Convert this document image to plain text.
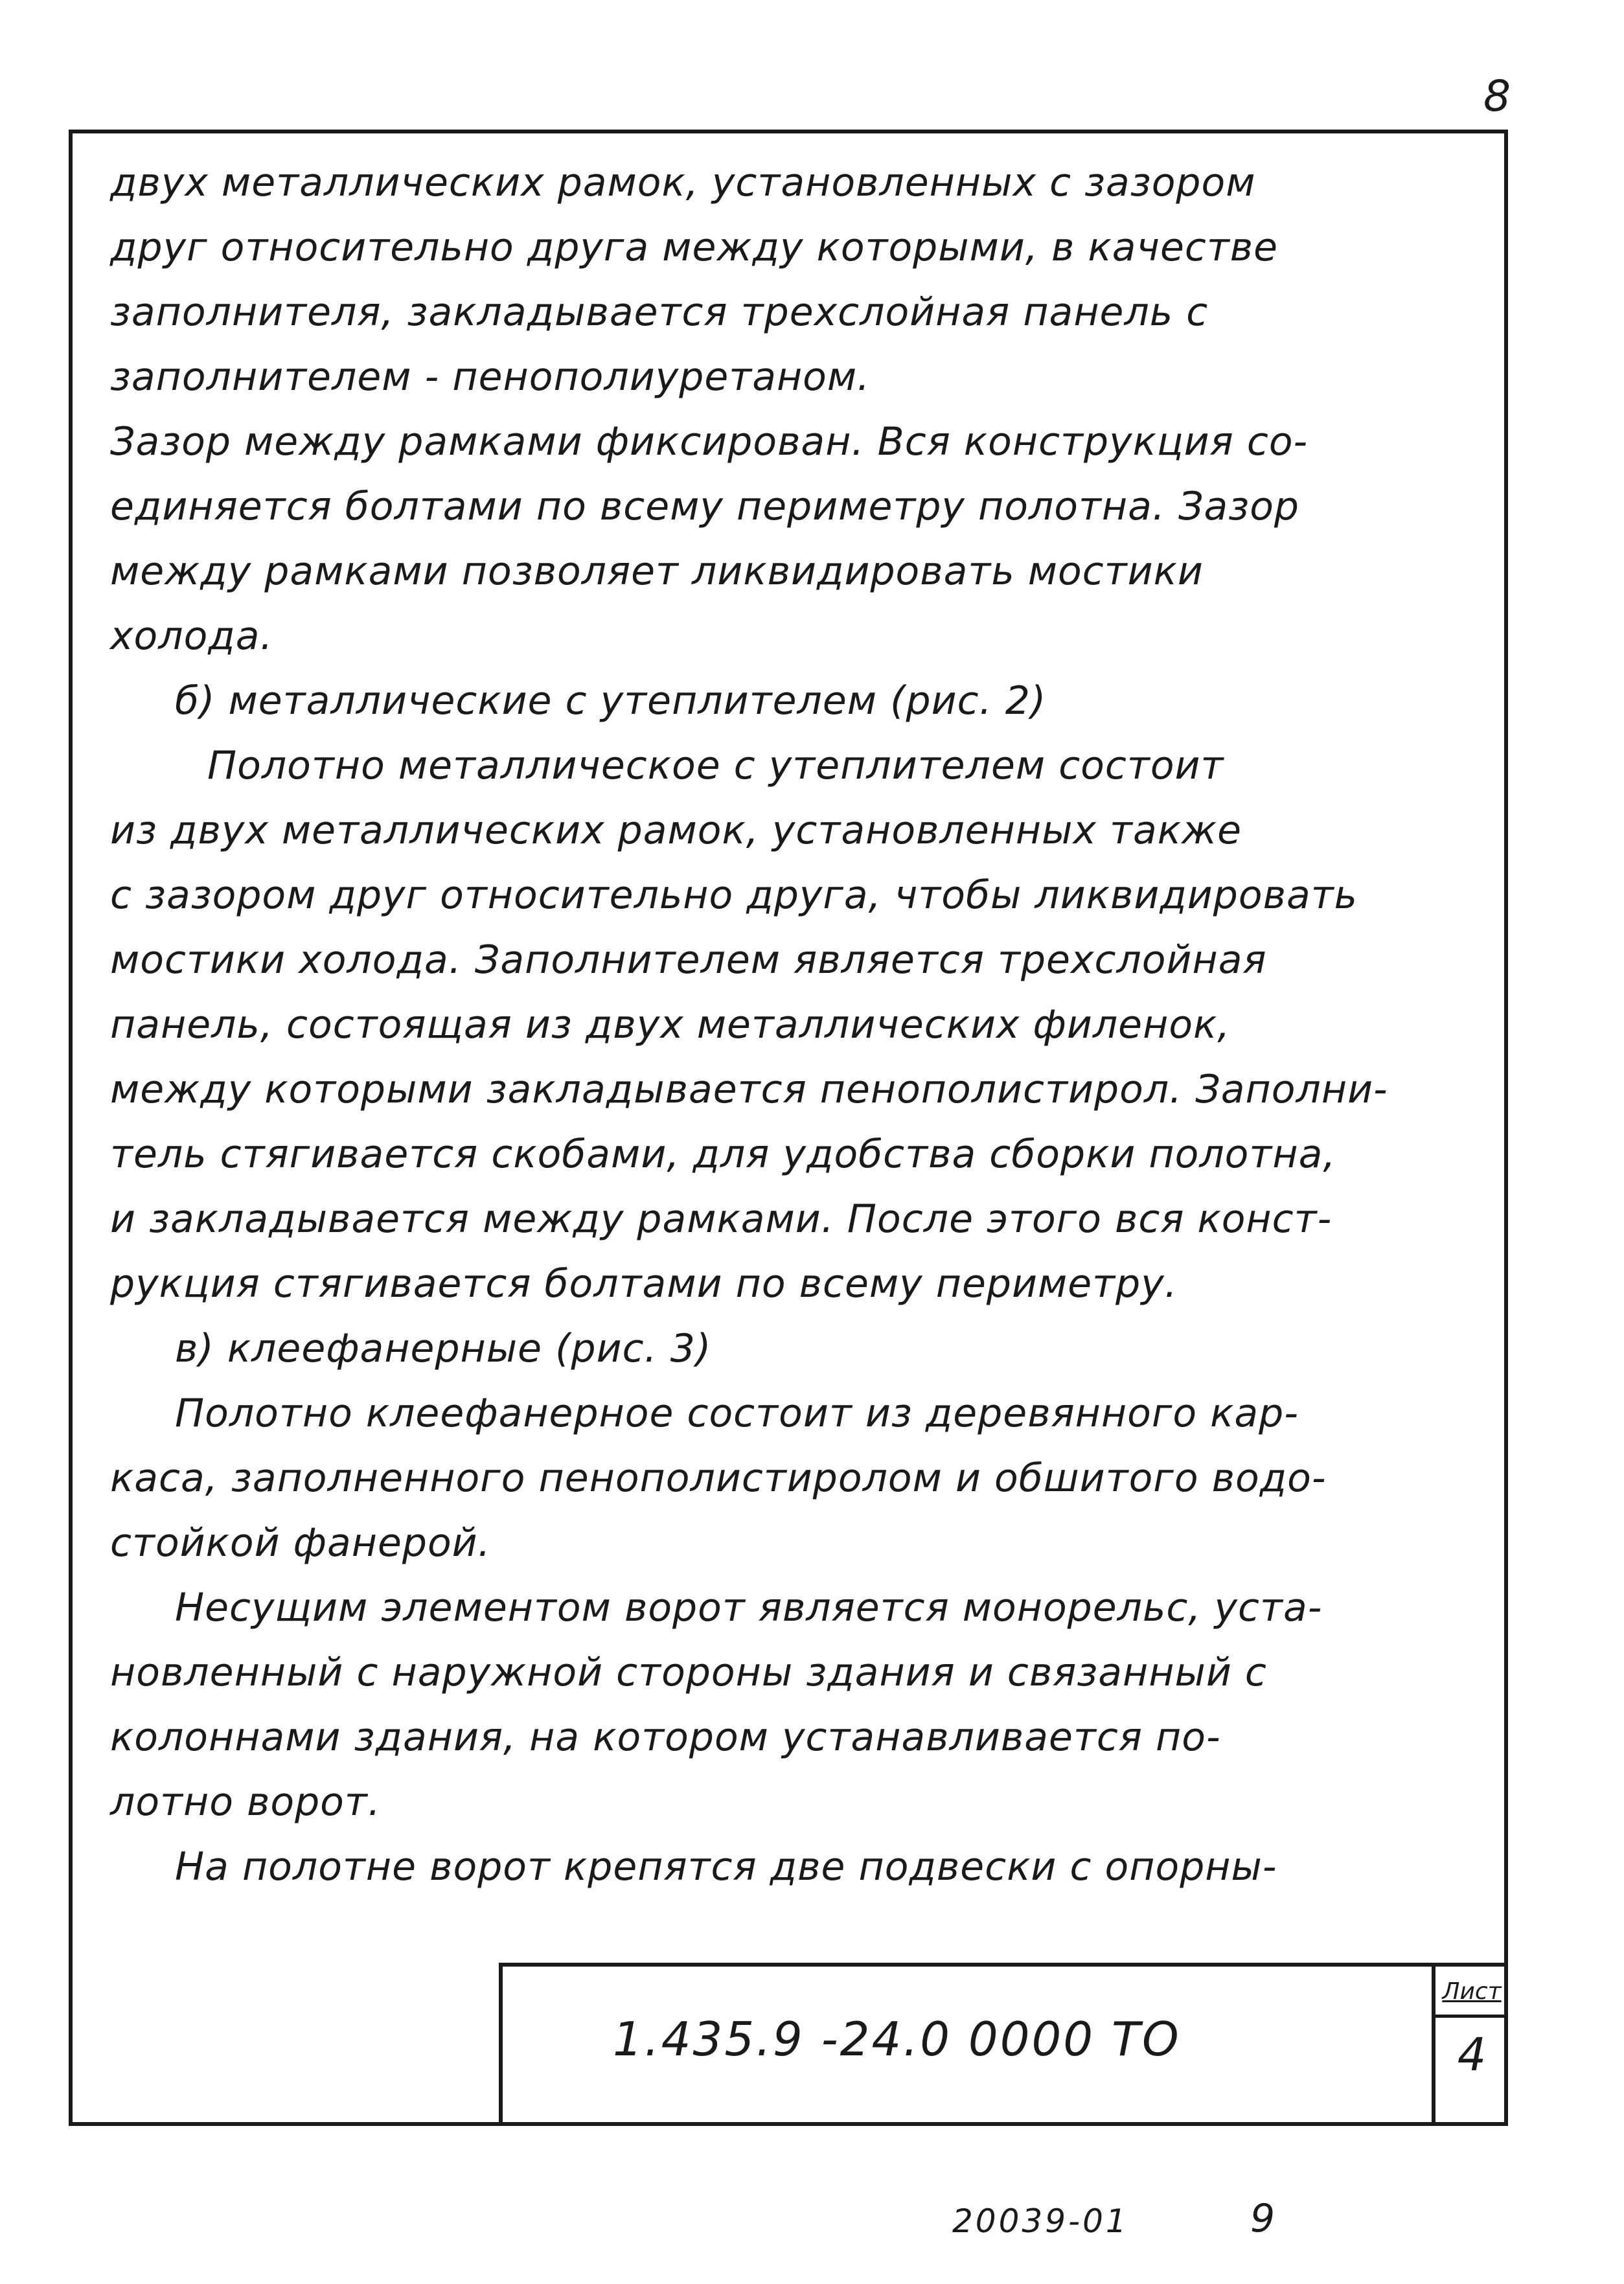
8
двух металлических рамок, установленных с зазором
друг относительно друга между которыми, в качестве
заполнителя, закладывается трехслойная панель с
заполнителем - пенополиуретаном.
Зазор между рамками фиксирован. Вся конструкция со-
единяется болтами по всему периметру полотна. Зазор
между рамками позволяет ликвидировать мостики
холода.
б) металлические с утеплителем (рис. 2)
Полотно металлическое с утеплителем состоит
из двух металлических рамок, установленных также
с зазором друг относительно друга, чтобы ликвидировать
мостики холода. Заполнителем является трехслойная
панель, состоящая из двух металлических филенок,
между которыми закладывается пенополистирол. Заполни-
тель стягивается скобами, для удобства сборки полотна,
и закладывается между рамками. После этого вся конст-
рукция стягивается болтами по всему периметру.
в) клеефанерные (рис. 3)
Полотно клеефанерное состоит из деревянного кар-
каса, заполненного пенополистиролом и обшитого водо-
стойкой фанерой.
Несущим элементом ворот является монорельс, уста-
новленный с наружной стороны здания и связанный с
колоннами здания, на котором устанавливается по-
лотно ворот.
На полотне ворот крепятся две подвески с опорны-
1.435.9 -24.0 0000 ТО
Лист
4
20039-01	9
